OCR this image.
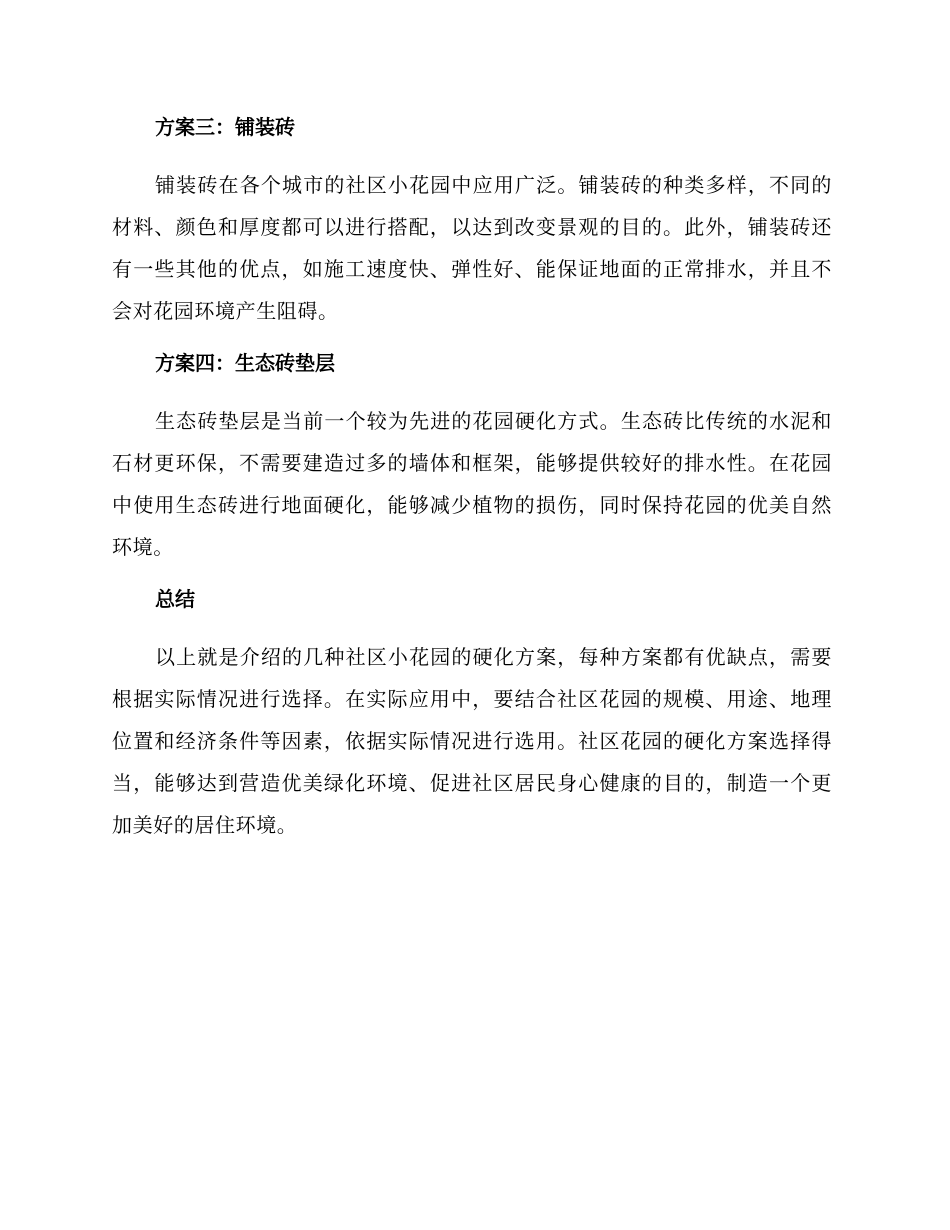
方案三：铺装砖

铺装砖在各个城市的社区小花园中应用广泛。铺装砖的种类多样，不同的材料、颜色和厚度都可以进行搭配，以达到改变景观的目的。此外，铺装砖还有一些其他的优点，如施工速度快、弹性好、能保证地面的正常排水，并且不会对花园环境产生阻碍。

方案四：生态砖垫层

生态砖垫层是当前一个较为先进的花园硬化方式。生态砖比传统的水泥和石材更环保，不需要建造过多的墙体和框架，能够提供较好的排水性。在花园中使用生态砖进行地面硬化，能够减少植物的损伤，同时保持花园的优美自然环境。

总结

以上就是介绍的几种社区小花园的硬化方案，每种方案都有优缺点，需要根据实际情况进行选择。在实际应用中，要结合社区花园的规模、用途、地理位置和经济条件等因素，依据实际情况进行选用。社区花园的硬化方案选择得当，能够达到营造优美绿化环境、促进社区居民身心健康的目的，制造一个更加美好的居住环境。
